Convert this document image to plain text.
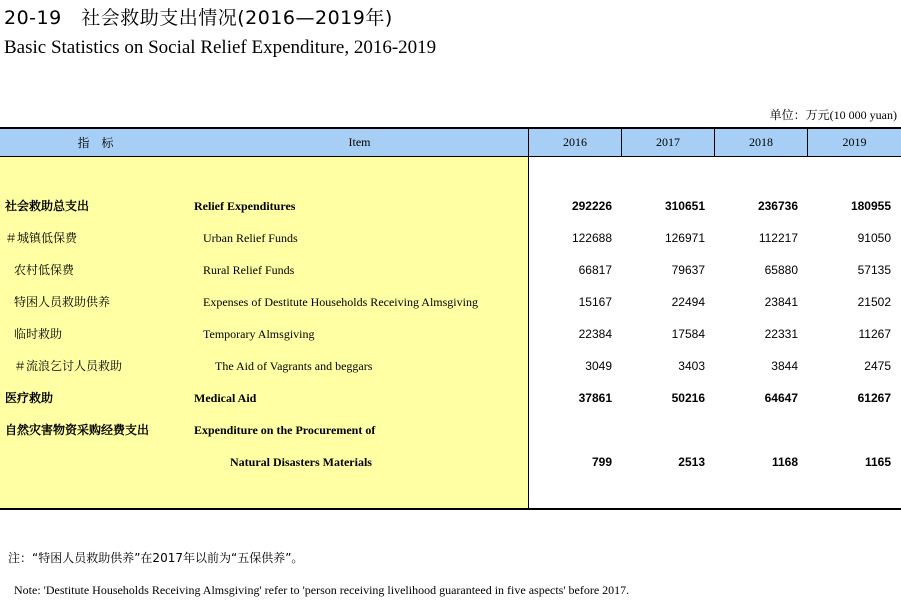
20-19　社会救助支出情况(2016—2019年)
Basic Statistics on Social Relief Expenditure, 2016-2019
单位：万元(10 000 yuan)
指　标	Item	2016	2017	2018	2019
社会救助总支出	Relief Expenditures	292226	310651	236736	180955
＃城镇低保费	Urban Relief Funds	122688	126971	112217	91050
农村低保费	Rural Relief Funds	66817	79637	65880	57135
特困人员救助供养	Expenses of Destitute Households Receiving Almsgiving	15167	22494	23841	21502
临时救助	Temporary Almsgiving	22384	17584	22331	11267
＃流浪乞讨人员救助	The Aid of Vagrants and beggars	3049	3403	3844	2475
医疗救助	Medical Aid	37861	50216	64647	61267
自然灾害物资采购经费支出	Expenditure on the Procurement of
Natural Disasters Materials	799	2513	1168	1165
注：“特困人员救助供养”在2017年以前为“五保供养”。
Note: 'Destitute Households Receiving Almsgiving' refer to 'person receiving livelihood guaranteed in five aspects' before 2017.
